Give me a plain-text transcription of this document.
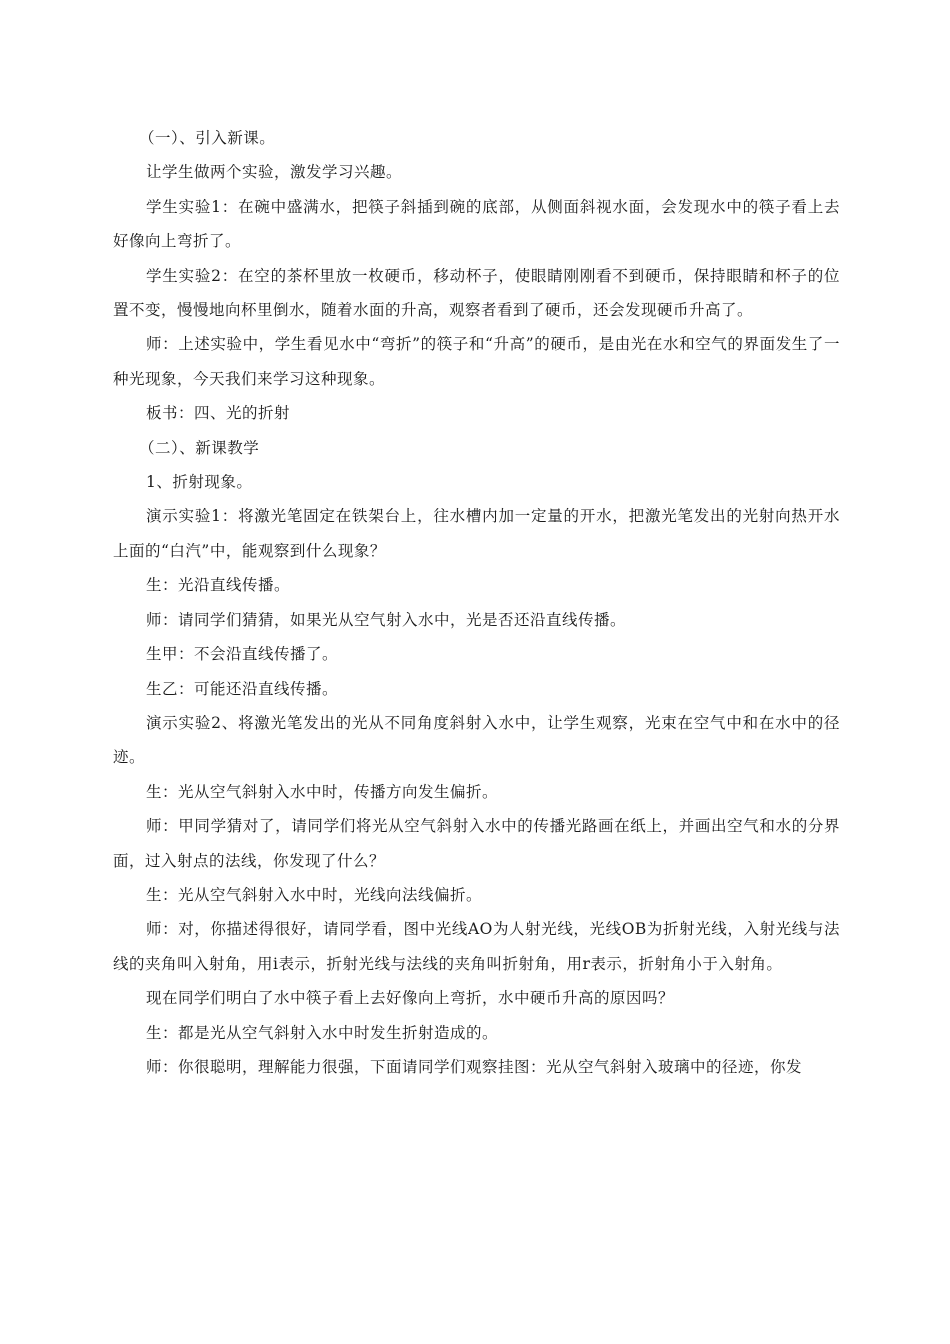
（一）、引入新课。

让学生做两个实验，激发学习兴趣。

学生实验1：在碗中盛满水，把筷子斜插到碗的底部，从侧面斜视水面，会发现水中的筷子看上去好像向上弯折了。

学生实验2：在空的茶杯里放一枚硬币，移动杯子，使眼睛刚刚看不到硬币，保持眼睛和杯子的位置不变，慢慢地向杯里倒水，随着水面的升高，观察者看到了硬币，还会发现硬币升高了。

师：上述实验中，学生看见水中“弯折”的筷子和“升高”的硬币，是由光在水和空气的界面发生了一种光现象，今天我们来学习这种现象。

板书：四、光的折射

（二）、新课教学

1、折射现象。

演示实验1：将激光笔固定在铁架台上，往水槽内加一定量的开水，把激光笔发出的光射向热开水上面的“白汽”中，能观察到什么现象？

生：光沿直线传播。

师：请同学们猜猜，如果光从空气射入水中，光是否还沿直线传播。

生甲：不会沿直线传播了。

生乙：可能还沿直线传播。

演示实验2、将激光笔发出的光从不同角度斜射入水中，让学生观察，光束在空气中和在水中的径迹。

生：光从空气斜射入水中时，传播方向发生偏折。

师：甲同学猜对了，请同学们将光从空气斜射入水中的传播光路画在纸上，并画出空气和水的分界面，过入射点的法线，你发现了什么？

生：光从空气斜射入水中时，光线向法线偏折。

师：对，你描述得很好，请同学看，图中光线AO为人射光线，光线OB为折射光线，入射光线与法线的夹角叫入射角，用i表示，折射光线与法线的夹角叫折射角，用r表示，折射角小于入射角。

现在同学们明白了水中筷子看上去好像向上弯折，水中硬币升高的原因吗？

生：都是光从空气斜射入水中时发生折射造成的。

师：你很聪明，理解能力很强，下面请同学们观察挂图：光从空气斜射入玻璃中的径迹，你发
